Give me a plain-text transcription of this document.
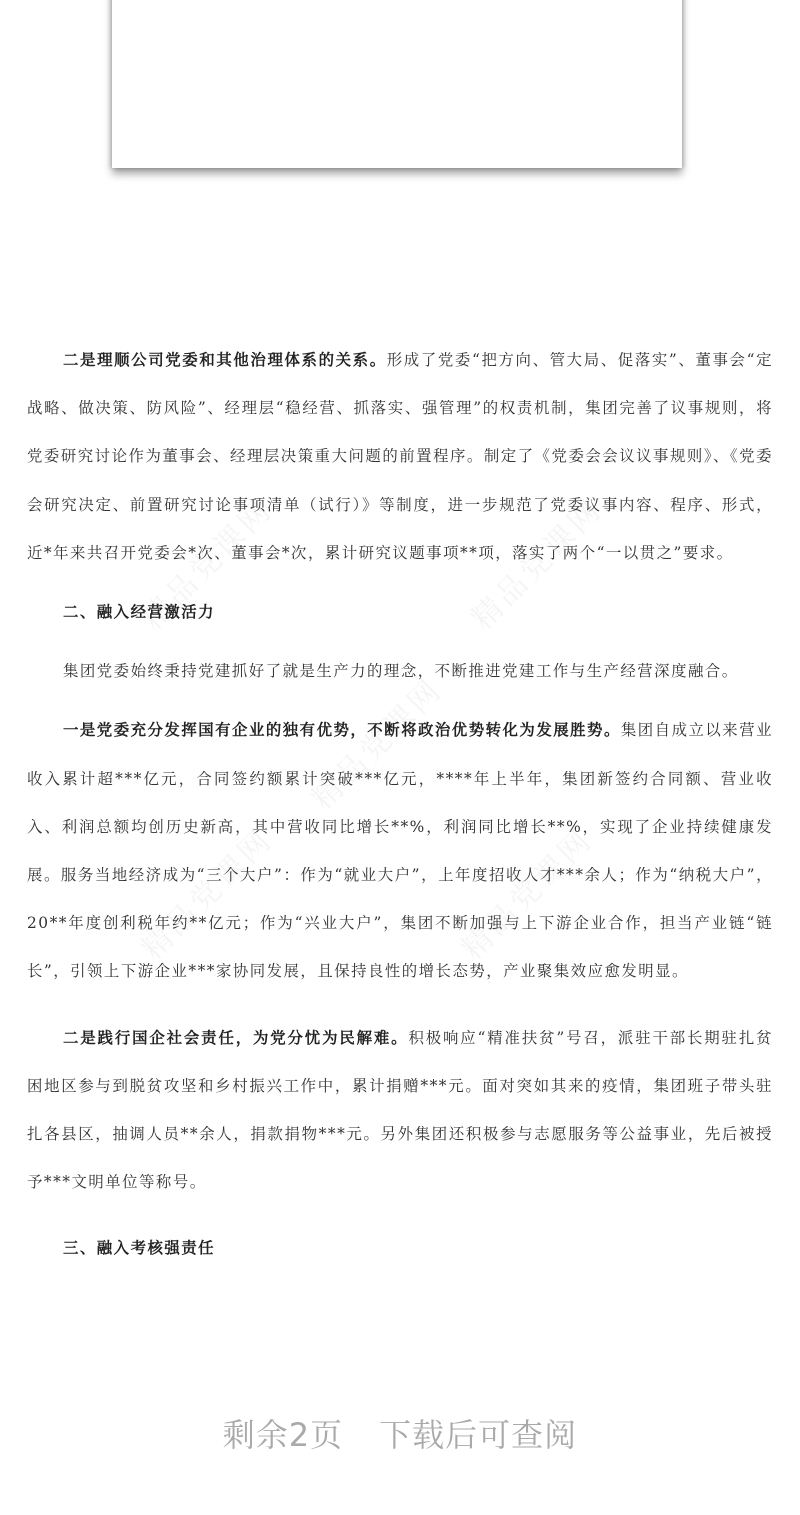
二是理顺公司党委和其他治理体系的关系。形成了党委“把方向、管大局、促落实”、董事会“定战略、做决策、防风险”、经理层“稳经营、抓落实、强管理”的权责机制，集团完善了议事规则，将党委研究讨论作为董事会、经理层决策重大问题的前置程序。制定了《党委会会议议事规则》、《党委会研究决定、前置研究讨论事项清单（试行）》等制度，进一步规范了党委议事内容、程序、形式，近*年来共召开党委会*次、董事会*次，累计研究议题事项**项，落实了两个“一以贯之”要求。

二、融入经营激活力

集团党委始终秉持党建抓好了就是生产力的理念，不断推进党建工作与生产经营深度融合。

一是党委充分发挥国有企业的独有优势，不断将政治优势转化为发展胜势。集团自成立以来营业收入累计超***亿元，合同签约额累计突破***亿元，****年上半年，集团新签约合同额、营业收入、利润总额均创历史新高，其中营收同比增长**%，利润同比增长**%，实现了企业持续健康发展。服务当地经济成为“三个大户”：作为“就业大户”，上年度招收人才***余人；作为“纳税大户”，20**年度创利税年约**亿元；作为“兴业大户”，集团不断加强与上下游企业合作，担当产业链“链长”，引领上下游企业***家协同发展，且保持良性的增长态势，产业聚集效应愈发明显。

二是践行国企社会责任，为党分忧为民解难。积极响应“精准扶贫”号召，派驻干部长期驻扎贫困地区参与到脱贫攻坚和乡村振兴工作中，累计捐赠***元。面对突如其来的疫情，集团班子带头驻扎各县区，抽调人员**余人，捐款捐物***元。另外集团还积极参与志愿服务等公益事业，先后被授予***文明单位等称号。

三、融入考核强责任
剩余2页 下载后可查阅
